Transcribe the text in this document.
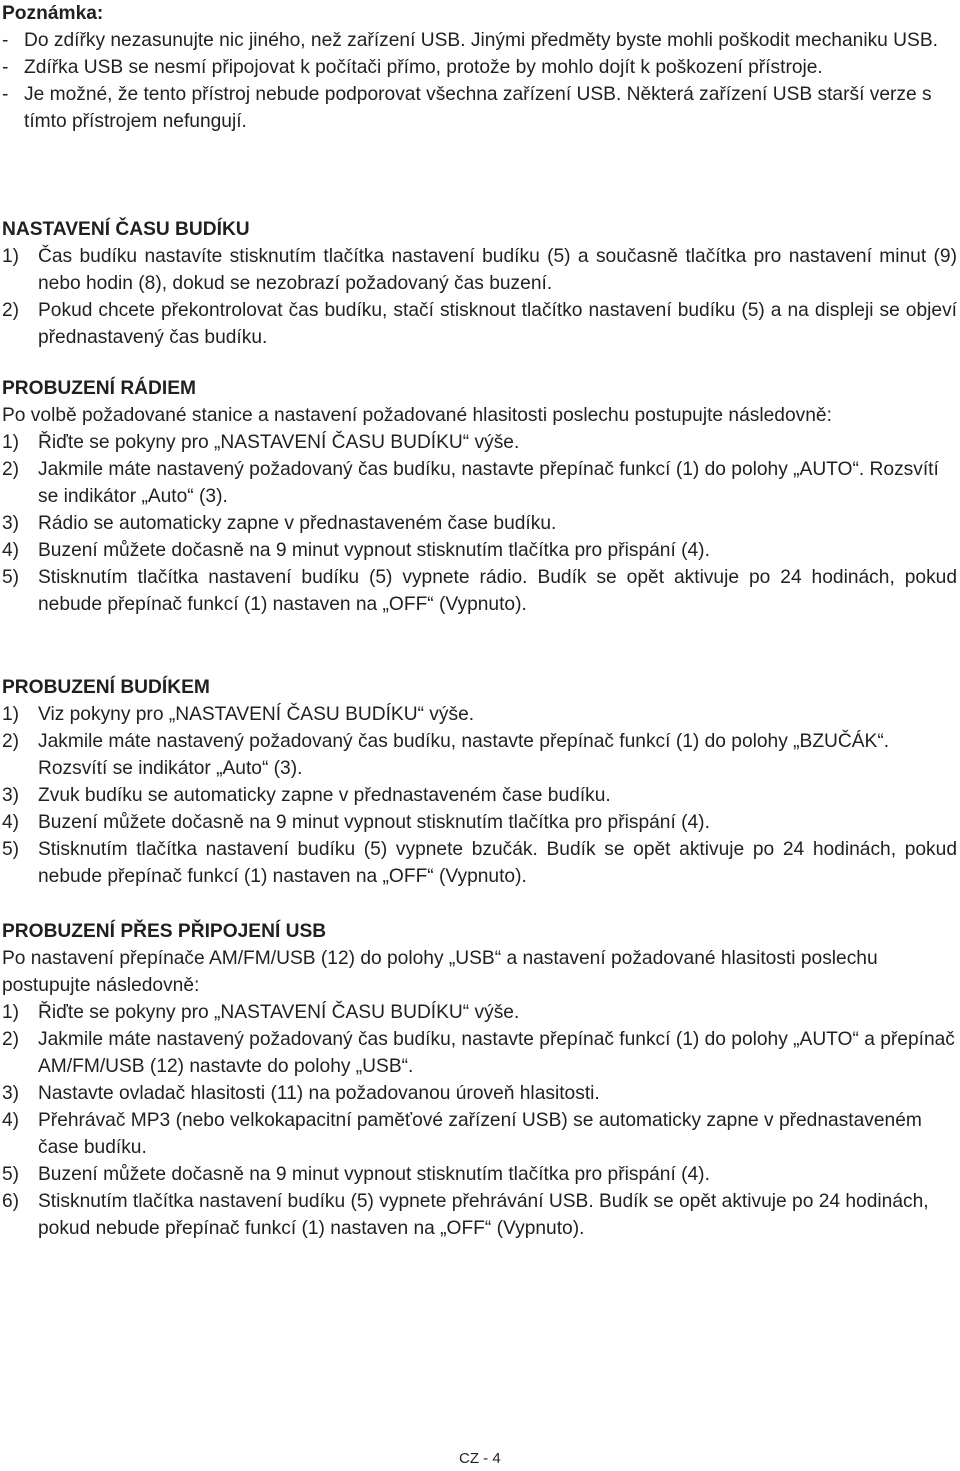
Poznámka:
- Do zdířky nezasunujte nic jiného, než zařízení USB. Jinými předměty byste mohli poškodit mechaniku USB.
- Zdířka USB se nesmí připojovat k počítači přímo, protože by mohlo dojít k poškození přístroje.
- Je možné, že tento přístroj nebude podporovat všechna zařízení USB. Některá zařízení USB starší verze s tímto přístrojem nefungují.
NASTAVENÍ ČASU BUDÍKU
1) Čas budíku nastavíte stisknutím tlačítka nastavení budíku (5) a současně tlačítka pro nastavení minut (9) nebo hodin (8), dokud se nezobrazí požadovaný čas buzení.
2) Pokud chcete překontrolovat čas budíku, stačí stisknout tlačítko nastavení budíku (5) a na displeji se objeví přednastavený čas budíku.
PROBUZENÍ RÁDIEM

Po volbě požadované stanice a nastavení požadované hlasitosti poslechu postupujte následovně:

1) Řiďte se pokyny pro „NASTAVENÍ ČASU BUDÍKU“ výše.
2) Jakmile máte nastavený požadovaný čas budíku, nastavte přepínač funkcí (1) do polohy „AUTO“. Rozsvítí se indikátor „Auto“ (3).
3) Rádio se automaticky zapne v přednastaveném čase budíku.
4) Buzení můžete dočasně na 9 minut vypnout stisknutím tlačítka pro přispání (4).
5) Stisknutím tlačítka nastavení budíku (5) vypnete rádio. Budík se opět aktivuje po 24 hodinách, pokud nebude přepínač funkcí (1) nastaven na „OFF“ (Vypnuto).
PROBUZENÍ BUDÍKEM
1) Viz pokyny pro „NASTAVENÍ ČASU BUDÍKU“ výše.
2) Jakmile máte nastavený požadovaný čas budíku, nastavte přepínač funkcí (1) do polohy „BZUČÁK“. Rozsvítí se indikátor „Auto“ (3).
3) Zvuk budíku se automaticky zapne v přednastaveném čase budíku.
4) Buzení můžete dočasně na 9 minut vypnout stisknutím tlačítka pro přispání (4).
5) Stisknutím tlačítka nastavení budíku (5) vypnete bzučák. Budík se opět aktivuje po 24 hodinách, pokud nebude přepínač funkcí (1) nastaven na „OFF“ (Vypnuto).
PROBUZENÍ PŘES PŘIPOJENÍ USB

Po nastavení přepínače AM/FM/USB (12) do polohy „USB“ a nastavení požadované hlasitosti poslechu postupujte následovně:

1) Řiďte se pokyny pro „NASTAVENÍ ČASU BUDÍKU“ výše.
2) Jakmile máte nastavený požadovaný čas budíku, nastavte přepínač funkcí (1) do polohy „AUTO“ a přepínač AM/FM/USB (12) nastavte do polohy „USB“.
3) Nastavte ovladač hlasitosti (11) na požadovanou úroveň hlasitosti.
4) Přehrávač MP3 (nebo velkokapacitní paměťové zařízení USB) se automaticky zapne v přednastaveném čase budíku.
5) Buzení můžete dočasně na 9 minut vypnout stisknutím tlačítka pro přispání (4).
6) Stisknutím tlačítka nastavení budíku (5) vypnete přehrávání USB. Budík se opět aktivuje po 24 hodinách, pokud nebude přepínač funkcí (1) nastaven na „OFF“ (Vypnuto).
CZ - 4
